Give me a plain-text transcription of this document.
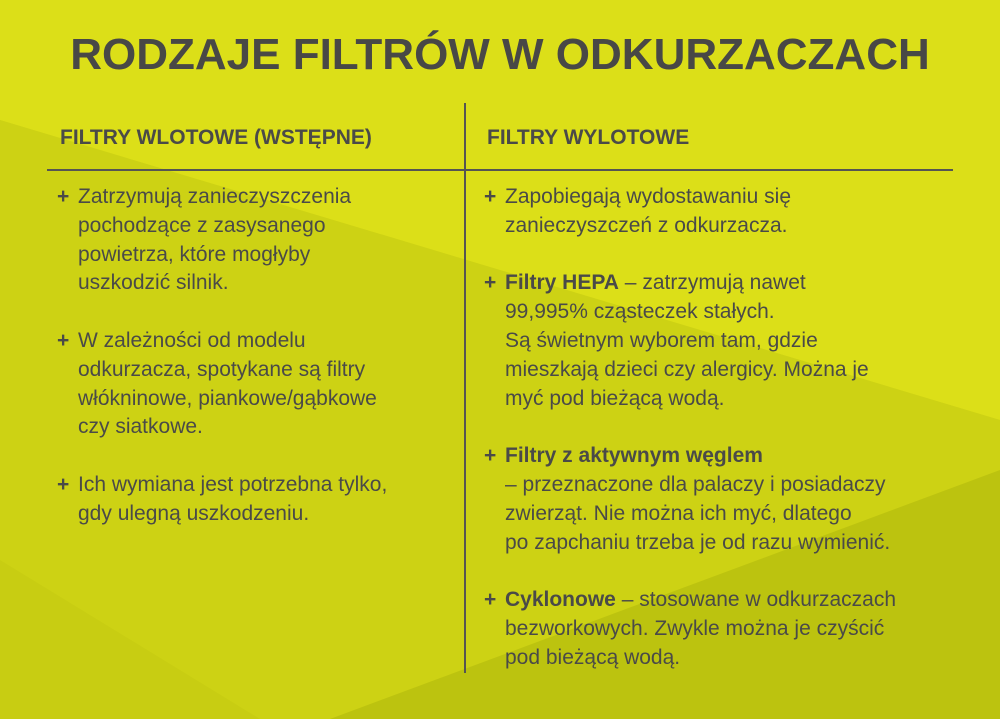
RODZAJE FILTRÓW W ODKURZACZACH
FILTRY WLOTOWE (WSTĘPNE)	FILTRY WYLOTOWE
+ Zatrzymują zanieczyszczenia
pochodzące z zasysanego
powietrza, które mogłyby
uszkodzić silnik.
+ W zależności od modelu
odkurzacza, spotykane są filtry
włókninowe, piankowe/gąbkowe
czy siatkowe.
+ Ich wymiana jest potrzebna tylko,
gdy ulegną uszkodzeniu.
+ Zapobiegają wydostawaniu się
zanieczyszczeń z odkurzacza.
+ Filtry HEPA – zatrzymują nawet
99,995% cząsteczek stałych.
Są świetnym wyborem tam, gdzie
mieszkają dzieci czy alergicy. Można je
myć pod bieżącą wodą.
+ Filtry z aktywnym węglem
– przeznaczone dla palaczy i posiadaczy
zwierząt. Nie można ich myć, dlatego
po zapchaniu trzeba je od razu wymienić.
+ Cyklonowe – stosowane w odkurzaczach
bezworkowych. Zwykle można je czyścić
pod bieżącą wodą.
